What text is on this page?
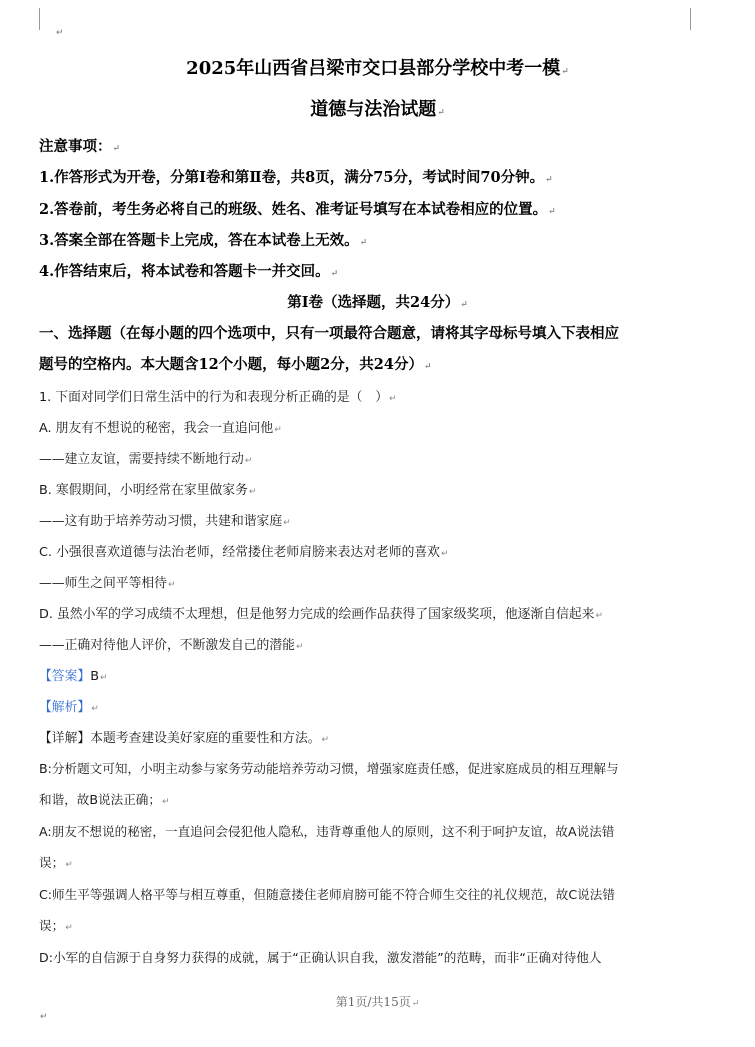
↵
↵
2025年山西省吕梁市交口县部分学校中考一模↵
道德与法治试题↵
注意事项：↵
1.作答形式为开卷，分第Ⅰ卷和第Ⅱ卷，共8页，满分75分，考试时间70分钟。↵
2.答卷前，考生务必将自己的班级、姓名、准考证号填写在本试卷相应的位置。↵
3.答案全部在答题卡上完成，答在本试卷上无效。↵
4.作答结束后，将本试卷和答题卡一并交回。↵
第Ⅰ卷（选择题，共24分）↵
一、选择题（在每小题的四个选项中，只有一项最符合题意，请将其字母标号填入下表相应
题号的空格内。本大题含12个小题，每小题2分，共24分）↵
1. 下面对同学们日常生活中的行为和表现分析正确的是（　）↵
A. 朋友有不想说的秘密，我会一直追问他↵
——建立友谊，需要持续不断地行动↵
B. 寒假期间，小明经常在家里做家务↵
——这有助于培养劳动习惯，共建和谐家庭↵
C. 小强很喜欢道德与法治老师，经常搂住老师肩膀来表达对老师的喜欢↵
——师生之间平等相待↵
D. 虽然小军的学习成绩不太理想，但是他努力完成的绘画作品获得了国家级奖项，他逐渐自信起来↵
——正确对待他人评价，不断激发自己的潜能↵
【答案】B↵
【解析】↵
【详解】本题考查建设美好家庭的重要性和方法。↵
B:分析题文可知，小明主动参与家务劳动能培养劳动习惯，增强家庭责任感，促进家庭成员的相互理解与
和谐，故B说法正确；↵
A:朋友不想说的秘密，一直追问会侵犯他人隐私，违背尊重他人的原则，这不利于呵护友谊，故A说法错
误；↵
C:师生平等强调人格平等与相互尊重，但随意搂住老师肩膀可能不符合师生交往的礼仪规范，故C说法错
误；↵
D:小军的自信源于自身努力获得的成就，属于“正确认识自我，激发潜能”的范畴，而非“正确对待他人
第1页/共15页↵
